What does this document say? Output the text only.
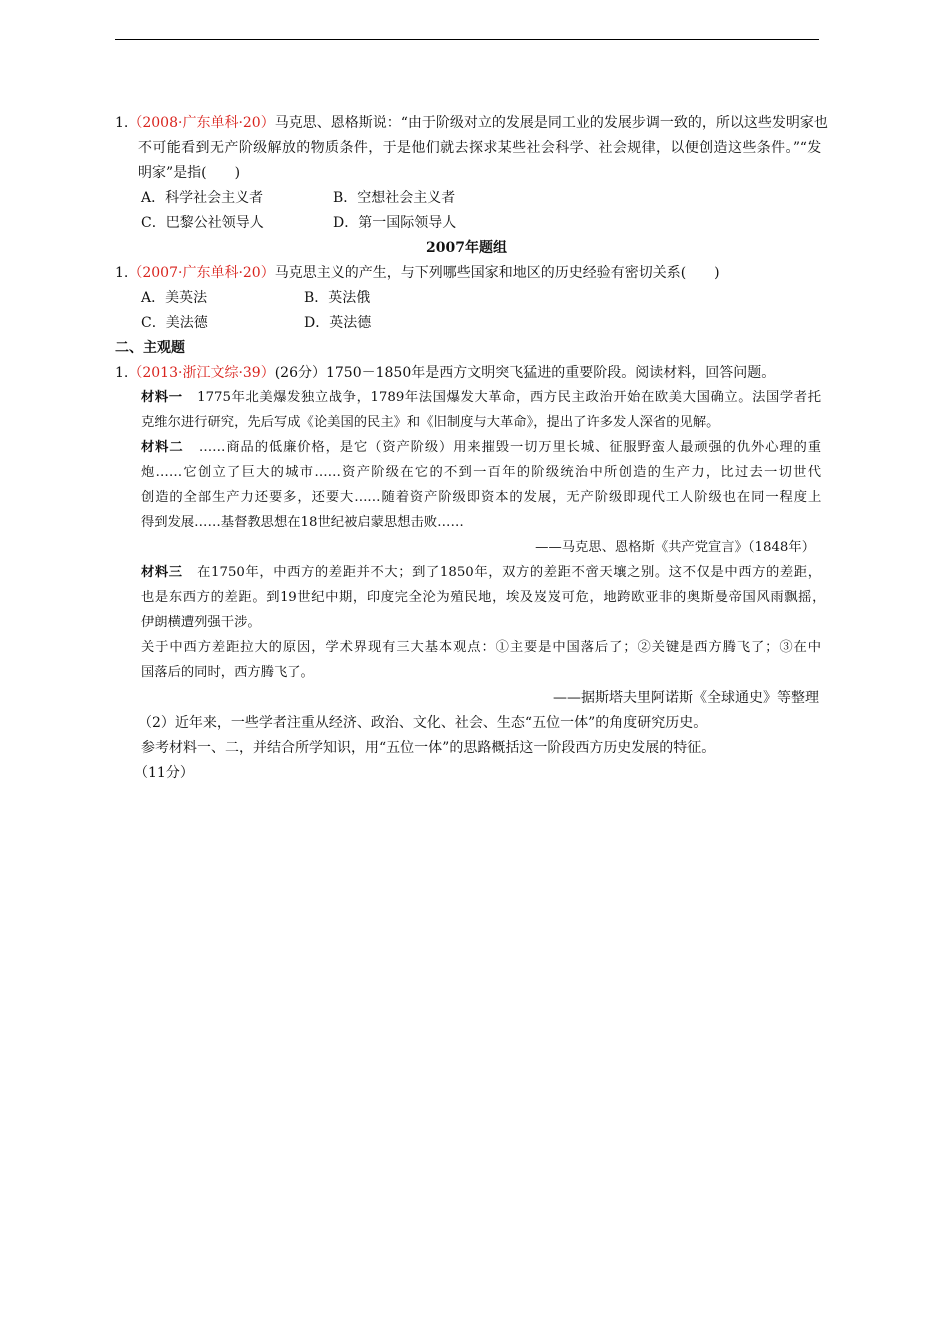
1.（2008·广东单科·20）马克思、恩格斯说：“由于阶级对立的发展是同工业的发展步调一致的，所以这些发明家也
不可能看到无产阶级解放的物质条件，于是他们就去探求某些社会科学、社会规律，以便创造这些条件。”“发
明家”是指(　　)
A．科学社会主义者	B．空想社会主义者
C．巴黎公社领导人	D．第一国际领导人
2007年题组
1.（2007·广东单科·20）马克思主义的产生，与下列哪些国家和地区的历史经验有密切关系(　　)
A．美英法	B．英法俄
C．美法德	D．英法德
二、主观题
1.（2013·浙江文综·39）(26分）1750－1850年是西方文明突飞猛进的重要阶段。阅读材料，回答问题。
材料一 1775年北美爆发独立战争，1789年法国爆发大革命，西方民主政治开始在欧美大国确立。法国学者托
克维尔进行研究，先后写成《论美国的民主》和《旧制度与大革命》，提出了许多发人深省的见解。
材料二 ……商品的低廉价格，是它（资产阶级）用来摧毁一切万里长城、征服野蛮人最顽强的仇外心理的重
炮……它创立了巨大的城市……资产阶级在它的不到一百年的阶级统治中所创造的生产力，比过去一切世代
创造的全部生产力还要多，还要大……随着资产阶级即资本的发展，无产阶级即现代工人阶级也在同一程度上
得到发展……基督教思想在18世纪被启蒙思想击败……
——马克思、恩格斯《共产党宣言》（1848年）
材料三 在1750年，中西方的差距并不大；到了1850年，双方的差距不啻天壤之别。这不仅是中西方的差距，
也是东西方的差距。到19世纪中期，印度完全沦为殖民地，埃及岌岌可危，地跨欧亚非的奥斯曼帝国风雨飘摇，
伊朗横遭列强干涉。
关于中西方差距拉大的原因，学术界现有三大基本观点：①主要是中国落后了；②关键是西方腾飞了；③在中
国落后的同时，西方腾飞了。
——据斯塔夫里阿诺斯《全球通史》等整理
（2）近年来，一些学者注重从经济、政治、文化、社会、生态“五位一体”的角度研究历史。
参考材料一、二，并结合所学知识，用“五位一体”的思路概括这一阶段西方历史发展的特征。
（11分）
